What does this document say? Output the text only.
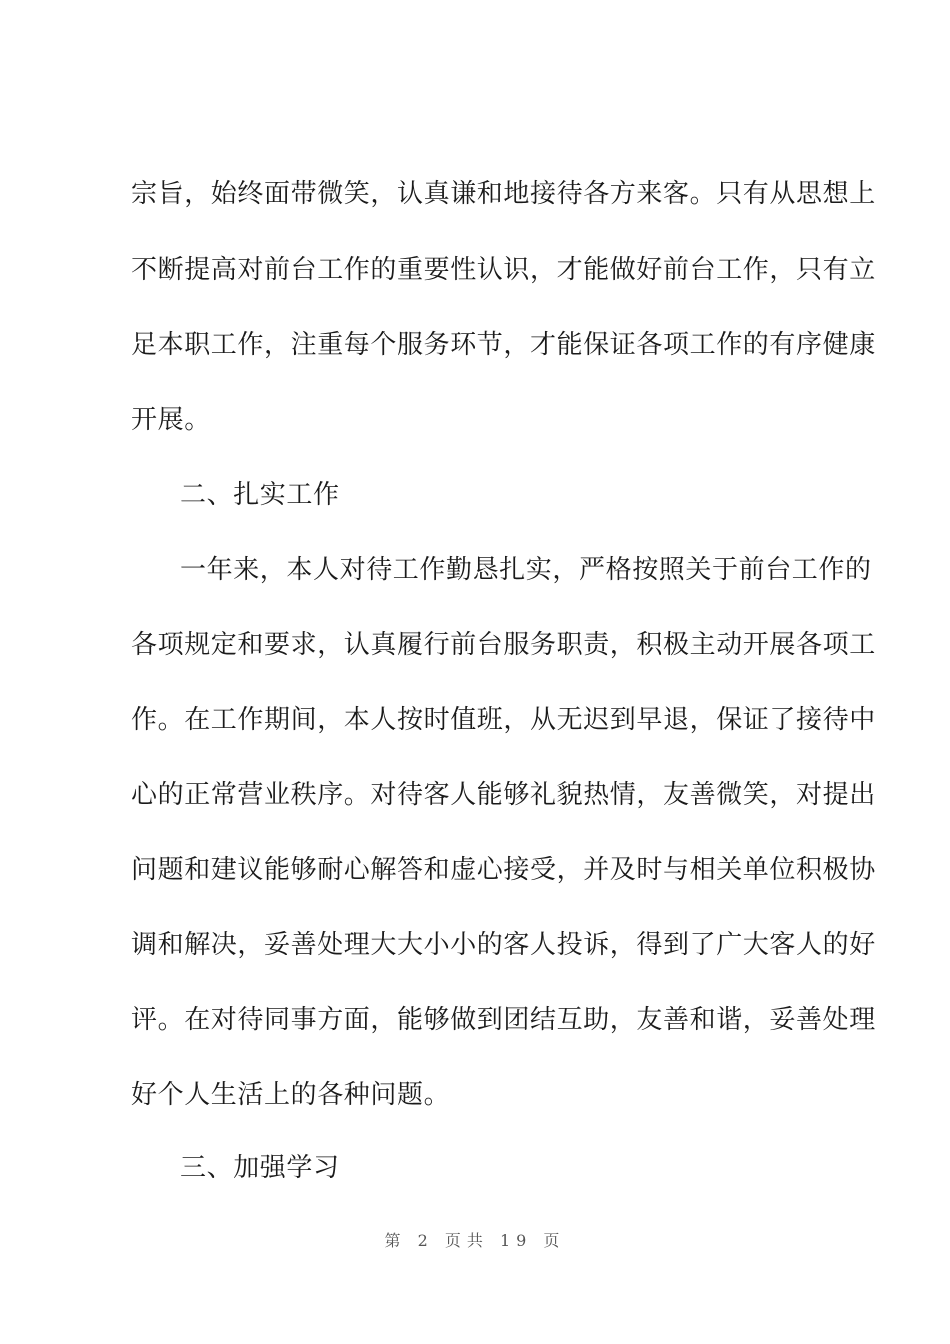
宗旨，始终面带微笑，认真谦和地接待各方来客。只有从思想上
不断提高对前台工作的重要性认识，才能做好前台工作，只有立
足本职工作，注重每个服务环节，才能保证各项工作的有序健康
开展。
二、扎实工作
一年来，本人对待工作勤恳扎实，严格按照关于前台工作的
各项规定和要求，认真履行前台服务职责，积极主动开展各项工
作。在工作期间，本人按时值班，从无迟到早退，保证了接待中
心的正常营业秩序。对待客人能够礼貌热情，友善微笑，对提出
问题和建议能够耐心解答和虚心接受，并及时与相关单位积极协
调和解决，妥善处理大大小小的客人投诉，得到了广大客人的好
评。在对待同事方面，能够做到团结互助，友善和谐，妥善处理
好个人生活上的各种问题。
三、加强学习
第 2 页共 19 页
